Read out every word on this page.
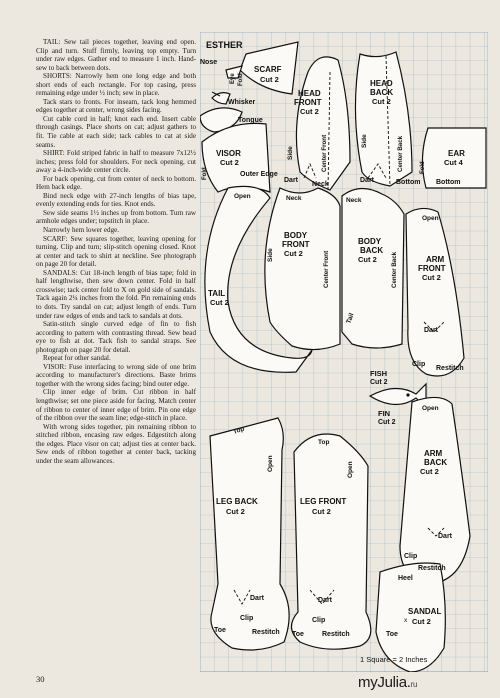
TAIL: Sew tail pieces together, leaving end open. Clip and turn. Stuff firmly, leaving top empty. Turn under raw edges. Gather end to measure 1 inch. Hand-sew to back between dots.

SHORTS: Narrowly hem one long edge and both short ends of each rectangle. For top casing, press remaining edge under ½ inch; sew in place.

Tack stars to fronts. For inseam, tack long hemmed edges together at center, wrong sides facing.

Cut cable cord in half; knot each end. Insert cable through casings. Place shorts on cat; adjust gathers to fit. Tie cable at each side; tack cables to cat at side seams.

SHIRT: Fold striped fabric in half to measure 7x12½ inches; press fold for shoulders. For neck opening, cut away a 4-inch-wide center circle.

For back opening, cut from center of neck to bottom. Hem back edge.

Bind neck edge with 27-inch lengths of bias tape, evenly extending ends for ties. Knot ends.

Sew side seams 1½ inches up from bottom. Turn raw armhole edges under; topstitch in place.

Narrowly hem lower edge.

SCARF: Sew squares together, leaving opening for turning. Clip and turn; slip-stitch opening closed. Knot at center and tack to shirt at neckline. See photograph on page 20 for detail.

SANDALS: Cut 18-inch length of bias tape; fold in half lengthwise, then sew down center. Fold in half crosswise; tack center fold to X on gold side of sandals. Tack again 2¼ inches from the fold. Pin remaining ends to dots. Try sandal on cat; adjust length of ends. Turn under raw edges of ends and tack to sandals at dots.

Satin-stitch single curved edge of fin to fish according to pattern with contrasting thread. Sew bead eye to fish at dot. Tack fish to sandal straps. See photograph on page 20 for detail.

Repeat for other sandal.

VISOR: Fuse interfacing to wrong side of one brim according to manufacturer's directions. Baste brims together with the wrong sides facing; bind outer edge.

Clip inner edge of brim. Cut ribbon in half lengthwise; set one piece aside for facing. Match center of ribbon to center of inner edge of brim. Pin one edge of the ribbon over the seam line; edge-stitch in place.

With wrong sides together, pin remaining ribbon to stitched ribbon, encasing raw edges. Edgestitch along the edges. Place visor on cat; adjust ties at center back. Sew ends of ribbon together at center back, tacking under the seam allowances.

30	myJulia.ru
ESTHER
1 Square = 2 Inches
Nose
Eye Fold
SCARF
Cut 2
Whisker
Tongue
HEAD
FRONT
Cut 2
Side	Center Front
HEAD
BACK
Cut 2
Side	Center Back
VISOR
Cut 2
Fold	Outer Edge
EAR
Cut 4
Bottom
Fold
Dart
Neck
Dart	Bottom
TAIL
Cut 2
Open	Neck
BODY
FRONT
Cut 2
Side	Center Front
Neck
BODY
BACK
Cut 2 Center Back
Tail
Open
ARM
FRONT
Cut 2
Dart
Clip
Restitch
FISH
Cut 2
FIN
Cut 2
Open
ARM
BACK
Cut 2
Dart
Clip
Restitch
Top
Open
LEG BACK
Cut 2
Dart
Clip
Toe	Restitch
Top
Open
LEG FRONT
Cut 2
Dart
Clip
Toe	Restitch
Heel
SANDAL
Cut 2
x
Toe
